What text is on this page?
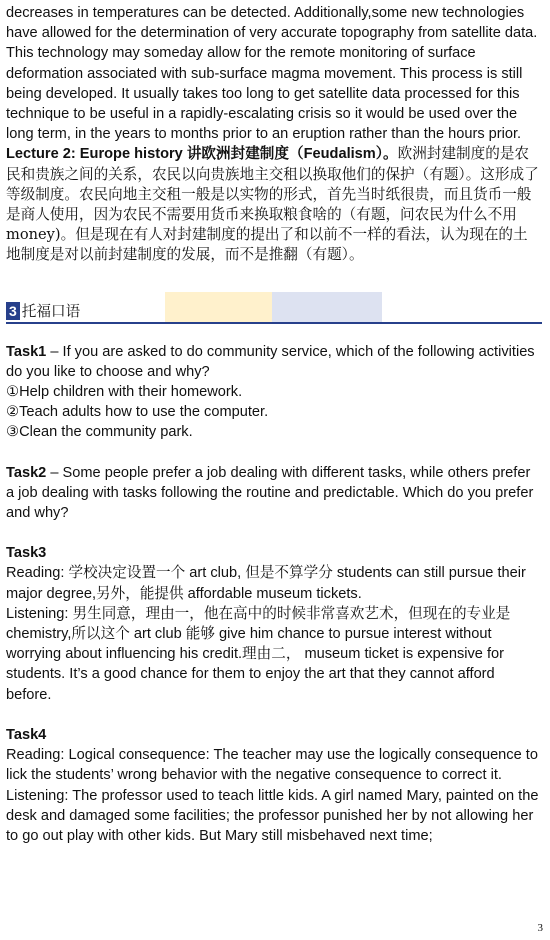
decreases in temperatures can be detected. Additionally,some new technologies have allowed for the determination of very accurate topography from satellite data. This technology may someday allow for the remote monitoring of surface deformation associated with sub-surface magma movement. This process is still being developed. It usually takes too long to get satellite data processed for this technique to be useful in a rapidly-escalating crisis so it would be used over the long term, in the years to months prior to an eruption rather than the hours prior.

Lecture 2: Europe history 讲欧洲封建制度（Feudalism）。欧洲封建制度的是农民和贵族之间的关系，农民以向贵族地主交租以换取他们的保护（有题）。这形成了等级制度。农民向地主交租一般是以实物的形式，首先当时纸很贵，而且货币一般是商人使用，因为农民不需要用货币来换取粮食啥的（有题，问农民为什么不用 money)。但是现在有人对封建制度的提出了和以前不一样的看法，认为现在的土地制度是对以前封建制度的发展，而不是推翻（有题）。

3 托福口语

Task1 – If you are asked to do community service, which of the following activities do you like to choose and why?

①Help children with their homework.

②Teach adults how to use the computer.

③Clean the community park.

Task2 – Some people prefer a job dealing with different tasks, while others prefer a job dealing with tasks following the routine and predictable. Which do you prefer and why?

Task3

Reading: 学校决定设置一个 art club, 但是不算学分 students can still pursue their major degree,另外，能提供 affordable museum tickets.

Listening: 男生同意，理由一，他在高中的时候非常喜欢艺术，但现在的专业是 chemistry,所以这个 art club 能够 give him chance to pursue interest without worrying about influencing his credit.理由二， museum ticket is expensive for students. It’s a good chance for them to enjoy the art that they cannot afford before.

Task4

Reading: Logical consequence: The teacher may use the logically consequence to lick the students’ wrong behavior with the negative consequence to correct it.

Listening: The professor used to teach little kids. A girl named Mary, painted on the desk and damaged some facilities; the professor punished her by not allowing her to go out play with other kids. But Mary still misbehaved next time;

3
